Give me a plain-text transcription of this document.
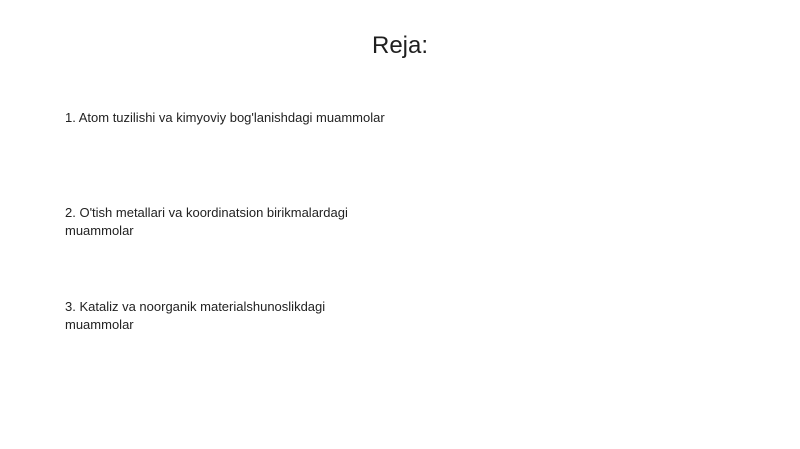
Reja:
1. Atom tuzilishi va kimyoviy bog'lanishdagi muammolar
2. O'tish metallari va koordinatsion birikmalardagi muammolar
3. Kataliz va noorganik materialshunoslikdagi muammolar
